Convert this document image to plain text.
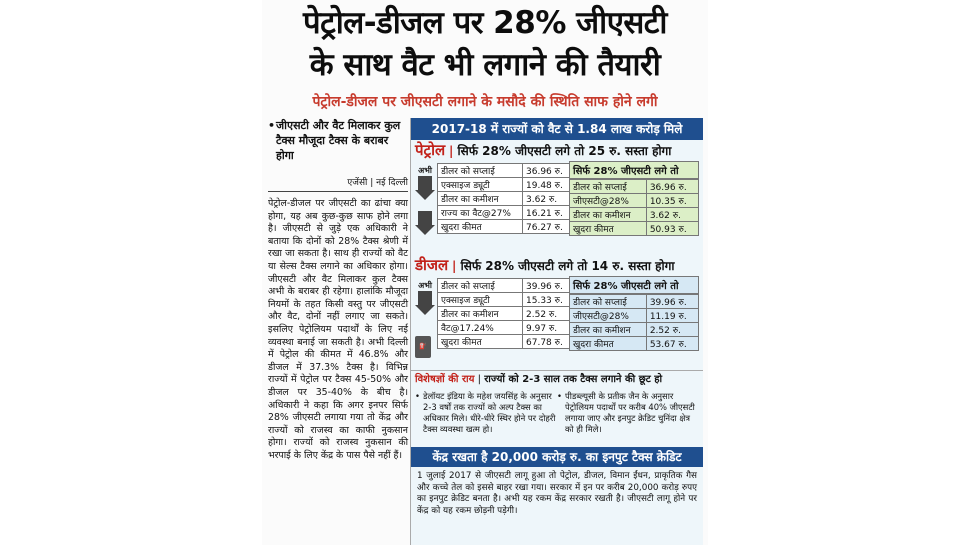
पेट्रोल-डीजल पर 28% जीएसटी
के साथ वैट भी लगाने की तैयारी
पेट्रोल-डीजल पर जीएसटी लगाने के मसौदे की स्थिति साफ होने लगी
• जीएसटी और वैट मिलाकर कुल टैक्स मौजूदा टैक्स के बराबर होगा
एजेंसी | नई दिल्ली
पेट्रोल-डीजल पर जीएसटी का ढांचा क्या होगा, यह अब कुछ-कुछ साफ होने लगा है। जीएसटी से जुड़े एक अधिकारी ने बताया कि दोनों को 28% टैक्स श्रेणी में रखा जा सकता है। साथ ही राज्यों को वैट या सेल्स टैक्स लगाने का अधिकार होगा। जीएसटी और वैट मिलाकर कुल टैक्स अभी के बराबर ही रहेगा। हालांकि मौजूदा नियमों के तहत किसी वस्तु पर जीएसटी और वैट, दोनों नहीं लगाए जा सकते। इसलिए पेट्रोलियम पदार्थों के लिए नई व्यवस्था बनाई जा सकती है। अभी दिल्ली में पेट्रोल की कीमत में 46.8% और डीजल में 37.3% टैक्स है। विभिन्न राज्यों में पेट्रोल पर टैक्स 45-50% और डीजल पर 35-40% के बीच है। अधिकारी ने कहा कि अगर इनपर सिर्फ 28% जीएसटी लगाया गया तो केंद्र और राज्यों को राजस्व का काफी नुकसान होगा। राज्यों को राजस्व नुकसान की भरपाई के लिए केंद्र के पास पैसे नहीं हैं।
2017-18 में राज्यों को वैट से 1.84 लाख करोड़ मिले
पेट्रोल | सिर्फ 28% जीएसटी लगे तो 25 रु. सस्ता होगा
अभी	डीलर को सप्लाई	36.96 रु.
एक्साइज ड्यूटी	19.48 रु.
डीलर का कमीशन	3.62 रु.
राज्य का वैट@27%	16.21 रु.
खुदरा कीमत	76.27 रु.
सिर्फ 28% जीएसटी लगे तो
डीलर को सप्लाई	36.96 रु.
जीएसटी@28%	10.35 रु.
डीलर का कमीशन	3.62 रु.
खुदरा कीमत	50.93 रु.
डीजल | सिर्फ 28% जीएसटी लगे तो 14 रु. सस्ता होगा
अभी
⛽
डीलर को सप्लाई	39.96 रु.
एक्साइज ड्यूटी	15.33 रु.
डीलर का कमीशन	2.52 रु.
वैट@17.24%	9.97 रु.
खुदरा कीमत	67.78 रु.
सिर्फ 28% जीएसटी लगे तो
डीलर को सप्लाई	39.96 रु.
जीएसटी@28%	11.19 रु.
डीलर का कमीशन	2.52 रु.
खुदरा कीमत	53.67 रु.
विशेषज्ञों की राय | राज्यों को 2-3 साल तक टैक्स लगाने की छूट हो
• डेलॉयट इंडिया के महेश जयसिंह के अनुसार 2-3 वर्षों तक राज्यों को अल्प टैक्स का अधिकार मिले। धीरे-धीरे स्थिर होने पर दोहरी टैक्स व्यवस्था खत्म हो।
• पीडब्ल्यूसी के प्रतीक जैन के अनुसार पेट्रोलियम पदार्थों पर करीब 40% जीएसटी लगाया जाए और इनपुट क्रेडिट चुनिंदा क्षेत्र को ही मिले।
केंद्र रखता है 20,000 करोड़ रु. का इनपुट टैक्स क्रेडिट
1 जुलाई 2017 से जीएसटी लागू हुआ तो पेट्रोल, डीजल, विमान ईंधन, प्राकृतिक गैस और कच्चे तेल को इससे बाहर रखा गया। सरकार में इन पर करीब 20,000 करोड़ रुपए का इनपुट क्रेडिट बनता है। अभी यह रकम केंद्र सरकार रखती है। जीएसटी लागू होने पर केंद्र को यह रकम छोड़नी पड़ेगी।
